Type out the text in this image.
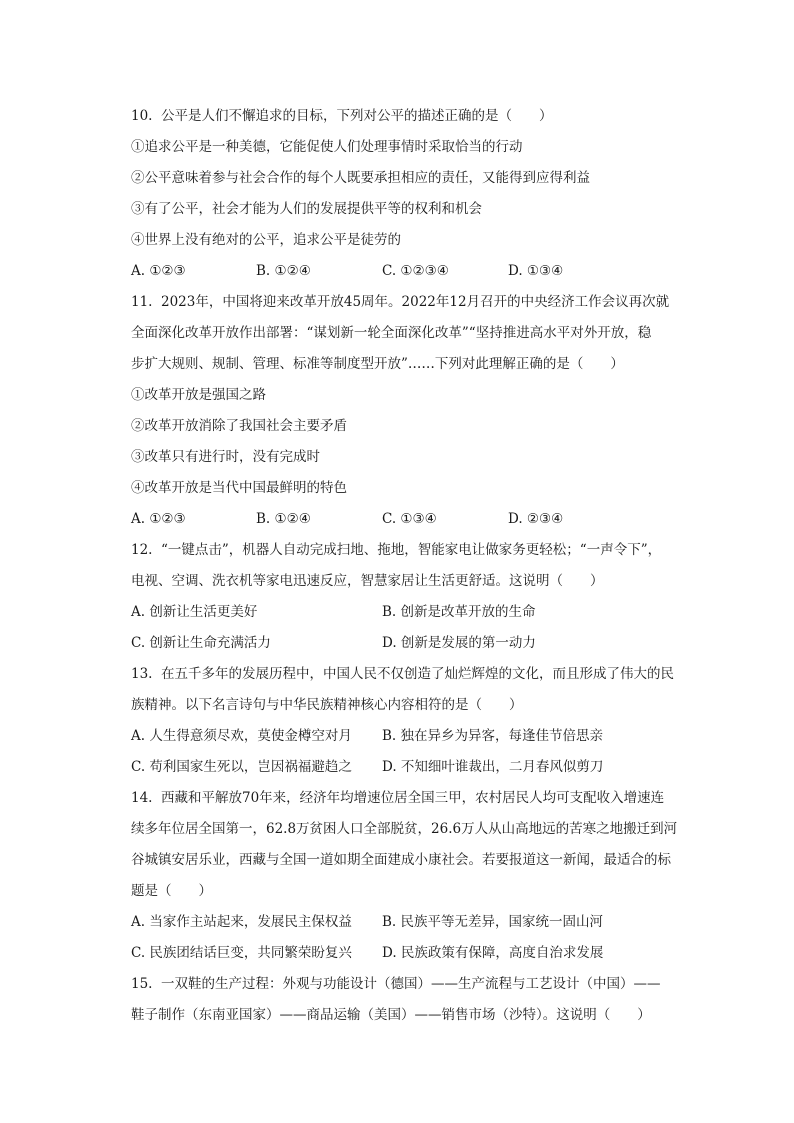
10. 公平是人们不懈追求的目标，下列对公平的描述正确的是（　　）
①追求公平是一种美德，它能促使人们处理事情时采取恰当的行动
②公平意味着参与社会合作的每个人既要承担相应的责任，又能得到应得利益
③有了公平，社会才能为人们的发展提供平等的权利和机会
④世界上没有绝对的公平，追求公平是徒劳的
A. ①②③	B. ①②④	C. ①②③④	D. ①③④
11. 2023年，中国将迎来改革开放45周年。2022年12月召开的中央经济工作会议再次就
全面深化改革开放作出部署：“谋划新一轮全面深化改革”“坚持推进高水平对外开放，稳
步扩大规则、规制、管理、标准等制度型开放”……下列对此理解正确的是（　　）
①改革开放是强国之路
②改革开放消除了我国社会主要矛盾
③改革只有进行时，没有完成时
④改革开放是当代中国最鲜明的特色
A. ①②③	B. ①②④	C. ①③④	D. ②③④
12. “一键点击”，机器人自动完成扫地、拖地，智能家电让做家务更轻松；“一声令下”，
电视、空调、洗衣机等家电迅速反应，智慧家居让生活更舒适。这说明（　　）
A. 创新让生活更美好	B. 创新是改革开放的生命
C. 创新让生命充满活力	D. 创新是发展的第一动力
13. 在五千多年的发展历程中，中国人民不仅创造了灿烂辉煌的文化，而且形成了伟大的民
族精神。以下名言诗句与中华民族精神核心内容相符的是（　　）
A. 人生得意须尽欢，莫使金樽空对月	B. 独在异乡为异客，每逢佳节倍思亲
C. 苟利国家生死以，岂因祸福避趋之	D. 不知细叶谁裁出，二月春风似剪刀
14. 西藏和平解放70年来，经济年均增速位居全国三甲，农村居民人均可支配收入增速连
续多年位居全国第一，62.8万贫困人口全部脱贫，26.6万人从山高地远的苦寒之地搬迁到河
谷城镇安居乐业，西藏与全国一道如期全面建成小康社会。若要报道这一新闻，最适合的标
题是（　　）
A. 当家作主站起来，发展民主保权益	B. 民族平等无差异，国家统一固山河
C. 民族团结话巨变，共同繁荣盼复兴	D. 民族政策有保障，高度自治求发展
15. 一双鞋的生产过程：外观与功能设计（德国）——生产流程与工艺设计（中国）——
鞋子制作（东南亚国家）——商品运输（美国）——销售市场（沙特）。这说明（　　）
